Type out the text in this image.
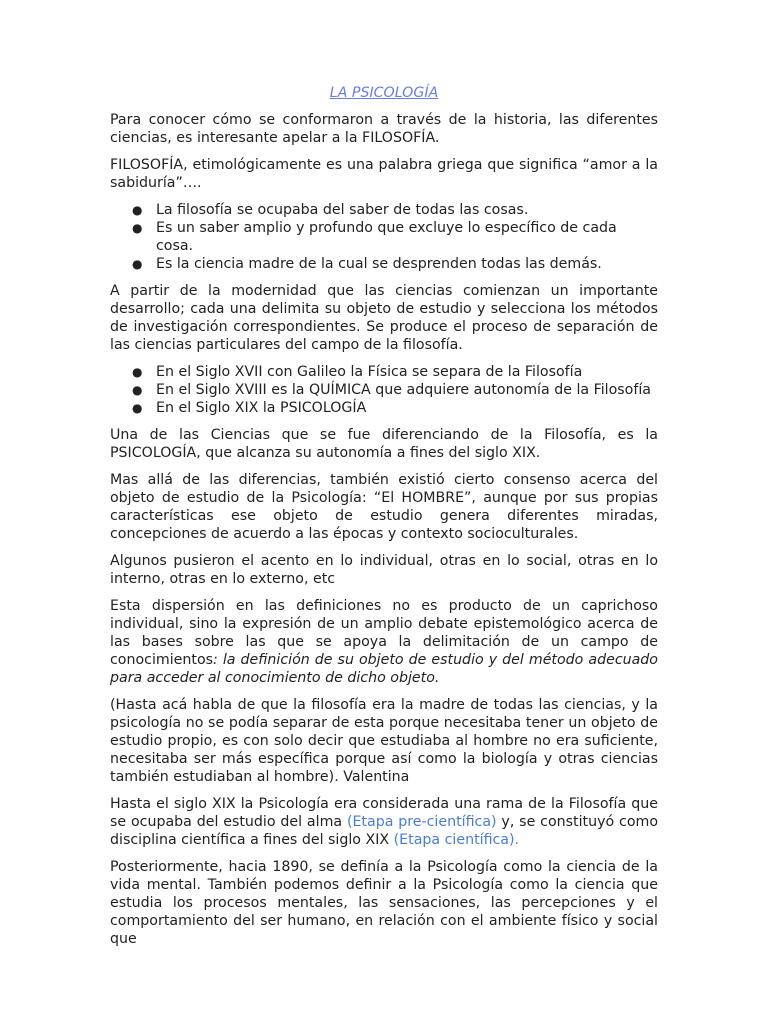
LA PSICOLOGÍA

Para conocer cómo se conformaron a través de la historia, las diferentes ciencias, es interesante apelar a la FILOSOFÍA.

FILOSOFÍA, etimológicamente es una palabra griega que significa “amor a la sabiduría”….

● La filosofía se ocupaba del saber de todas las cosas.
● Es un saber amplio y profundo que excluye lo específico de cada cosa.
● Es la ciencia madre de la cual se desprenden todas las demás.

A partir de la modernidad que las ciencias comienzan un importante desarrollo; cada una delimita su objeto de estudio y selecciona los métodos de investigación correspondientes. Se produce el proceso de separación de las ciencias particulares del campo de la filosofía.

● En el Siglo XVII con Galileo la Física se separa de la Filosofía
● En el Siglo XVIII es la QUÍMICA que adquiere autonomía de la Filosofía
● En el Siglo XIX la PSICOLOGÍA

Una de las Ciencias que se fue diferenciando de la Filosofía, es la PSICOLOGÍA, que alcanza su autonomía a fines del siglo XIX.

Mas allá de las diferencias, también existió cierto consenso acerca del objeto de estudio de la Psicología: “El HOMBRE”, aunque por sus propias características ese objeto de estudio genera diferentes miradas, concepciones de acuerdo a las épocas y contexto socioculturales.

Algunos pusieron el acento en lo individual, otras en lo social, otras en lo interno, otras en lo externo, etc

Esta dispersión en las definiciones no es producto de un caprichoso individual, sino la expresión de un amplio debate epistemológico acerca de las bases sobre las que se apoya la delimitación de un campo de conocimientos: la definición de su objeto de estudio y del método adecuado para acceder al conocimiento de dicho objeto.

(Hasta acá habla de que la filosofía era la madre de todas las ciencias, y la psicología no se podía separar de esta porque necesitaba tener un objeto de estudio propio, es con solo decir que estudiaba al hombre no era suficiente, necesitaba ser más específica porque así como la biología y otras ciencias también estudiaban al hombre). Valentina

Hasta el siglo XIX la Psicología era considerada una rama de la Filosofía que se ocupaba del estudio del alma (Etapa pre-científica) y, se constituyó como disciplina científica a fines del siglo XIX (Etapa científica).

Posteriormente, hacia 1890, se definía a la Psicología como la ciencia de la vida mental. También podemos definir a la Psicología como la ciencia que estudia los procesos mentales, las sensaciones, las percepciones y el comportamiento del ser humano, en relación con el ambiente físico y social que
